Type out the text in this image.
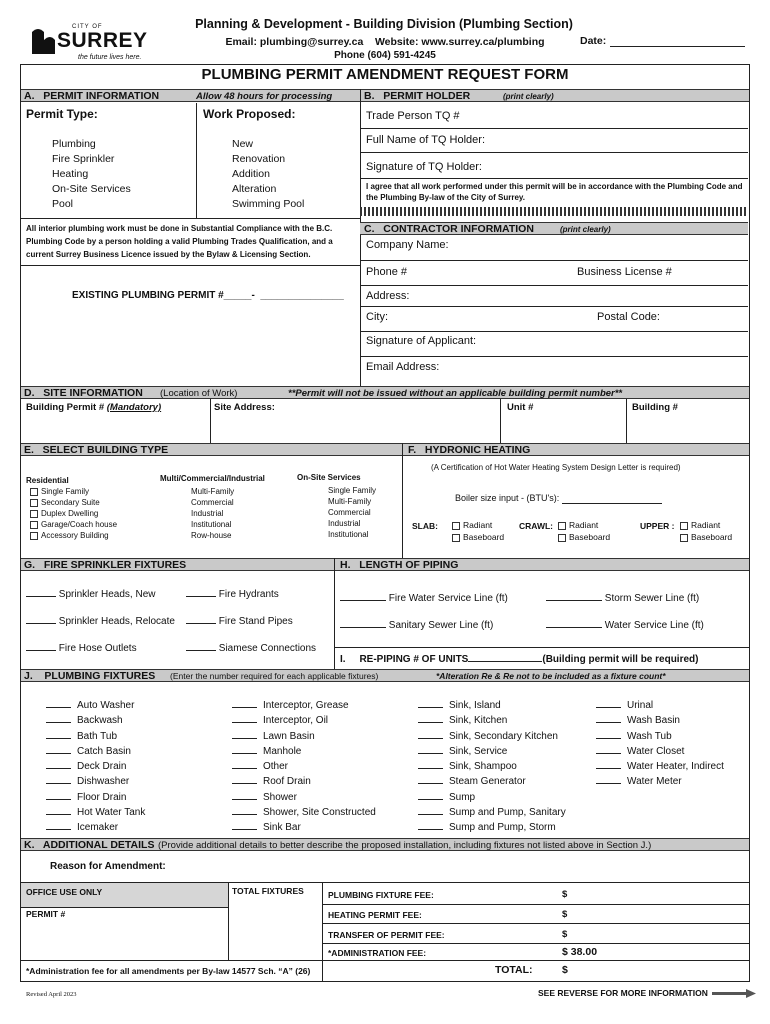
CITY OF
SURREY
the future lives here.
Planning & Development - Building Division (Plumbing Section)
Email: plumbing@surrey.ca    Website: www.surrey.ca/plumbing
Phone (604) 591-4245
Date:
PLUMBING PERMIT AMENDMENT REQUEST FORM
A.   PERMIT INFORMATION	Allow 48 hours for processing	B.   PERMIT HOLDER	(print clearly)
Permit Type:
Plumbing
Fire Sprinkler
Heating
On-Site Services
Pool
Work Proposed:
New
Renovation
Addition
Alteration
Swimming Pool
All interior plumbing work must be done in Substantial Compliance with the B.C. Plumbing Code by a person holding a valid Plumbing Trades Qualification, and a current Surrey Business Licence issued by the Bylaw & Licensing Section.
EXISTING PLUMBING PERMIT #_____-  _______________
Trade Person TQ #
Full Name of TQ Holder:
Signature of TQ Holder:
I agree that all work performed under this permit will be in accordance with the Plumbing Code and the Plumbing By-law of the City of Surrey.
C.   CONTRACTOR INFORMATION	(print clearly)
Company Name:
Phone #	Business License #
Address:
City:	Postal Code:
Signature of Applicant:
Email Address:
D.   SITE INFORMATION (Location of Work)	**Permit will not be issued without an applicable building permit number**
Building Permit # (Mandatory)	Site Address:	Unit #	Building #
E.   SELECT BUILDING TYPE	F.   HYDRONIC HEATING
Residential
Single Family
Secondary Suite
Duplex Dwelling
Garage/Coach house
Accessory Building
Multi/Commercial/Industrial
Multi-Family
Commercial
Industrial
Institutional
Row-house
On-Site Services
Single Family
Multi-Family
Commercial
Industrial
Institutional
(A Certification of Hot Water Heating System Design Letter is required)
Boiler size input - (BTU's):
SLAB:	Radiant
Baseboard
CRAWL:	Radiant
Baseboard
UPPER :	Radiant
Baseboard
G.   FIRE SPRINKLER FIXTURES	H.   LENGTH OF PIPING
Sprinkler Heads, New
Sprinkler Heads, Relocate
Fire Hose Outlets
Fire Hydrants
Fire Stand Pipes
Siamese Connections
Fire Water Service Line (ft)	Storm Sewer Line (ft)
Sanitary Sewer Line (ft)	Water Service Line (ft)
I.     RE-PIPING # OF UNITS	(Building permit will be required)
J.    PLUMBING FIXTURES (Enter the number required for each applicable fixtures)	*Alteration Re & Re not to be included as a fixture count*
Auto Washer
Backwash
Bath Tub
Catch Basin
Deck Drain
Dishwasher
Floor Drain
Hot Water Tank
Icemaker
Interceptor, Grease
Interceptor, Oil
Lawn Basin
Manhole
Other
Roof Drain
Shower
Shower, Site Constructed
Sink Bar
Sink, Island
Sink, Kitchen
Sink, Secondary Kitchen
Sink, Service
Sink, Shampoo
Steam Generator
Sump
Sump and Pump, Sanitary
Sump and Pump, Storm
Urinal
Wash Basin
Wash Tub
Water Closet
Water Heater, Indirect
Water Meter
K.   ADDITIONAL DETAILS (Provide additional details to better describe the proposed installation, including fixtures not listed above in Section J.)
Reason for Amendment:
OFFICE USE ONLY
PERMIT #
TOTAL FIXTURES	PLUMBING FIXTURE FEE:	$
HEATING PERMIT FEE:	$
TRANSFER OF PERMIT FEE:	$
*ADMINISTRATION FEE:	$ 38.00
*Administration fee for all amendments per By-law 14577 Sch. “A” (26)	TOTAL:	$
Revised April 2023	SEE REVERSE FOR MORE INFORMATION
